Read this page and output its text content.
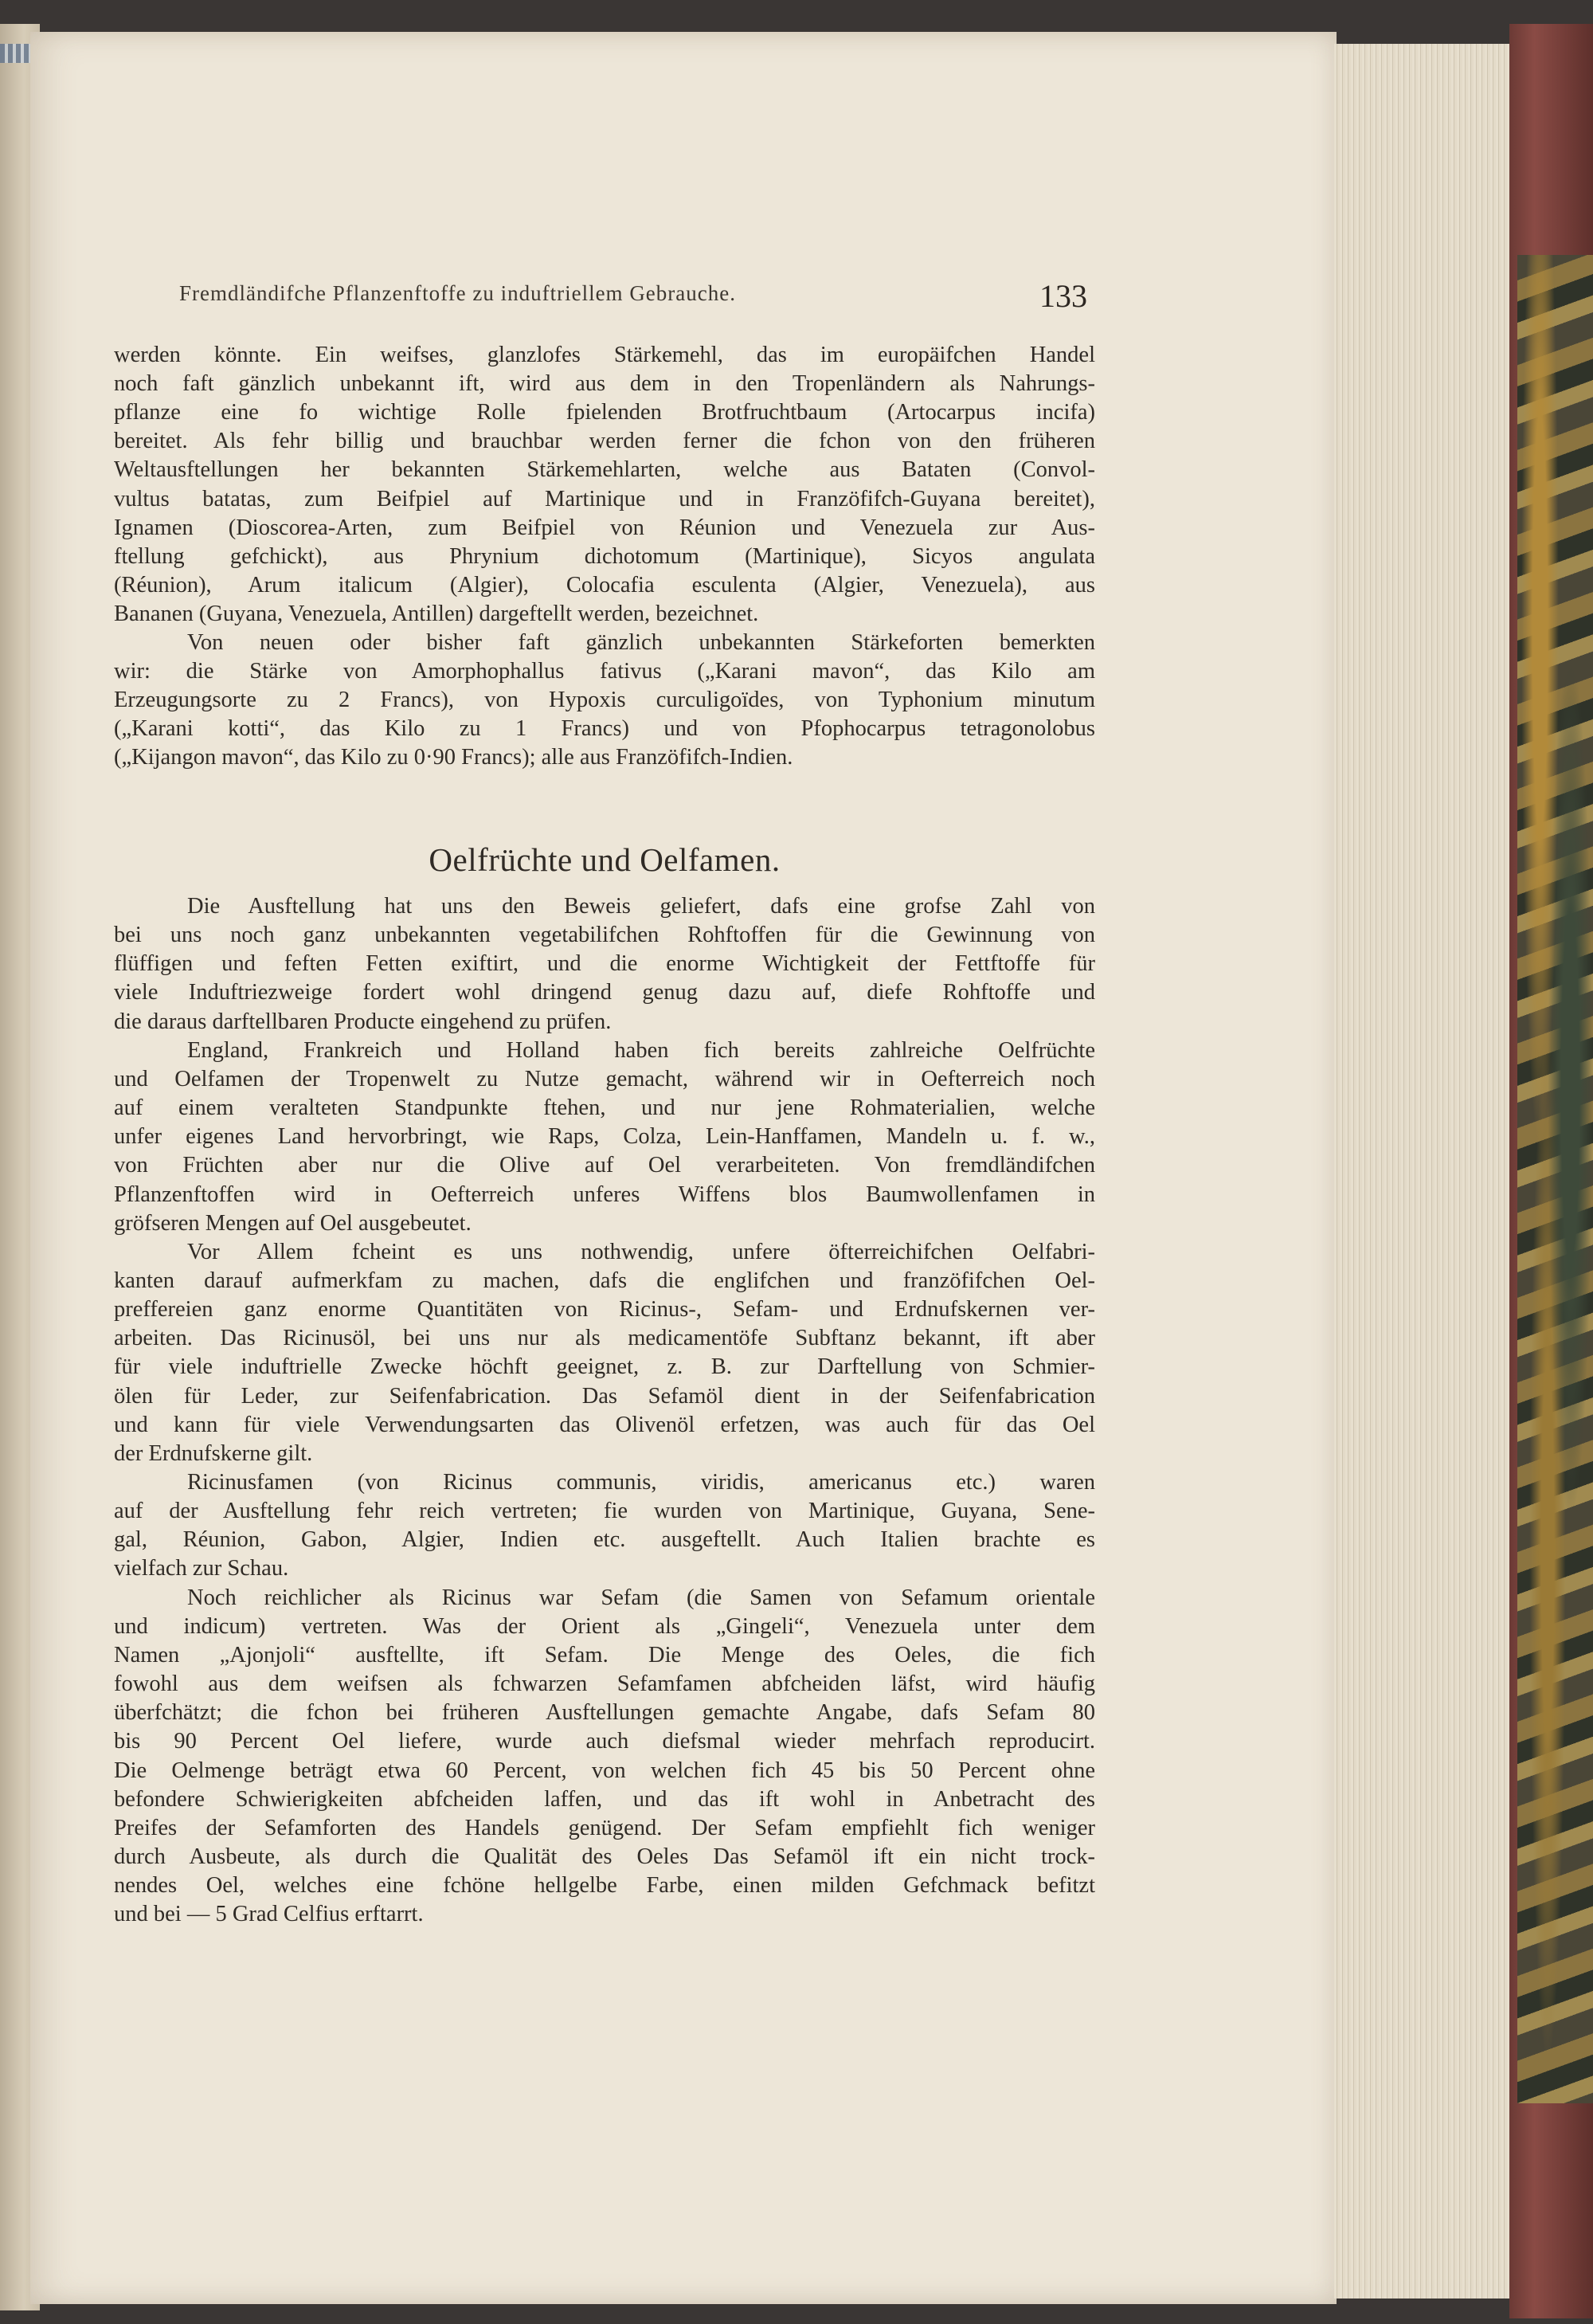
Fremdländifche Pflanzenftoffe zu induftriellem Gebrauche.	133
werden könnte. Ein weifses, glanzlofes Stärkemehl, das im europäifchen Handel
noch faft gänzlich unbekannt ift, wird aus dem in den Tropenländern als Nahrungs-
pflanze eine fo wichtige Rolle fpielenden Brotfruchtbaum (Artocarpus incifa)
bereitet. Als fehr billig und brauchbar werden ferner die fchon von den früheren
Weltausftellungen her bekannten Stärkemehlarten, welche aus Bataten (Convol-
vultus batatas, zum Beifpiel auf Martinique und in Franzöfifch-Guyana bereitet),
Ignamen (Dioscorea-Arten, zum Beifpiel von Réunion und Venezuela zur Aus-
ftellung gefchickt), aus Phrynium dichotomum (Martinique), Sicyos angulata
(Réunion), Arum italicum (Algier), Colocafia esculenta (Algier, Venezuela), aus
Bananen (Guyana, Venezuela, Antillen) dargeftellt werden, bezeichnet.
Von neuen oder bisher faft gänzlich unbekannten Stärkeforten bemerkten
wir: die Stärke von Amorphophallus fativus („Karani mavon“, das Kilo am
Erzeugungsorte zu 2 Francs), von Hypoxis curculigoïdes, von Typhonium minutum
(„Karani kotti“, das Kilo zu 1 Francs) und von Pfophocarpus tetragonolobus
(„Kijangon mavon“, das Kilo zu 0·90 Francs); alle aus Franzöfifch-Indien.
Oelfrüchte und Oelfamen.
Die Ausftellung hat uns den Beweis geliefert, dafs eine grofse Zahl von
bei uns noch ganz unbekannten vegetabilifchen Rohftoffen für die Gewinnung von
flüffigen und feften Fetten exiftirt, und die enorme Wichtigkeit der Fettftoffe für
viele Induftriezweige fordert wohl dringend genug dazu auf, diefe Rohftoffe und
die daraus darftellbaren Producte eingehend zu prüfen.
England, Frankreich und Holland haben fich bereits zahlreiche Oelfrüchte
und Oelfamen der Tropenwelt zu Nutze gemacht, während wir in Oefterreich noch
auf einem veralteten Standpunkte ftehen, und nur jene Rohmaterialien, welche
unfer eigenes Land hervorbringt, wie Raps, Colza, Lein-Hanffamen, Mandeln u. f. w.,
von Früchten aber nur die Olive auf Oel verarbeiteten. Von fremdländifchen
Pflanzenftoffen wird in Oefterreich unferes Wiffens blos Baumwollenfamen in
gröfseren Mengen auf Oel ausgebeutet.
Vor Allem fcheint es uns nothwendig, unfere öfterreichifchen Oelfabri-
kanten darauf aufmerkfam zu machen, dafs die englifchen und franzöfifchen Oel-
preffereien ganz enorme Quantitäten von Ricinus-, Sefam- und Erdnufskernen ver-
arbeiten. Das Ricinusöl, bei uns nur als medicamentöfe Subftanz bekannt, ift aber
für viele induftrielle Zwecke höchft geeignet, z. B. zur Darftellung von Schmier-
ölen für Leder, zur Seifenfabrication. Das Sefamöl dient in der Seifenfabrication
und kann für viele Verwendungsarten das Olivenöl erfetzen, was auch für das Oel
der Erdnufskerne gilt.
Ricinusfamen (von Ricinus communis, viridis, americanus etc.) waren
auf der Ausftellung fehr reich vertreten; fie wurden von Martinique, Guyana, Sene-
gal, Réunion, Gabon, Algier, Indien etc. ausgeftellt. Auch Italien brachte es
vielfach zur Schau.
Noch reichlicher als Ricinus war Sefam (die Samen von Sefamum orientale
und indicum) vertreten. Was der Orient als „Gingeli“, Venezuela unter dem
Namen „Ajonjoli“ ausftellte, ift Sefam. Die Menge des Oeles, die fich
fowohl aus dem weifsen als fchwarzen Sefamfamen abfcheiden läfst, wird häufig
überfchätzt; die fchon bei früheren Ausftellungen gemachte Angabe, dafs Sefam 80
bis 90 Percent Oel liefere, wurde auch diefsmal wieder mehrfach reproducirt.
Die Oelmenge beträgt etwa 60 Percent, von welchen fich 45 bis 50 Percent ohne
befondere Schwierigkeiten abfcheiden laffen, und das ift wohl in Anbetracht des
Preifes der Sefamforten des Handels genügend. Der Sefam empfiehlt fich weniger
durch Ausbeute, als durch die Qualität des Oeles Das Sefamöl ift ein nicht trock-
nendes Oel, welches eine fchöne hellgelbe Farbe, einen milden Gefchmack befitzt
und bei — 5 Grad Celfius erftarrt.
